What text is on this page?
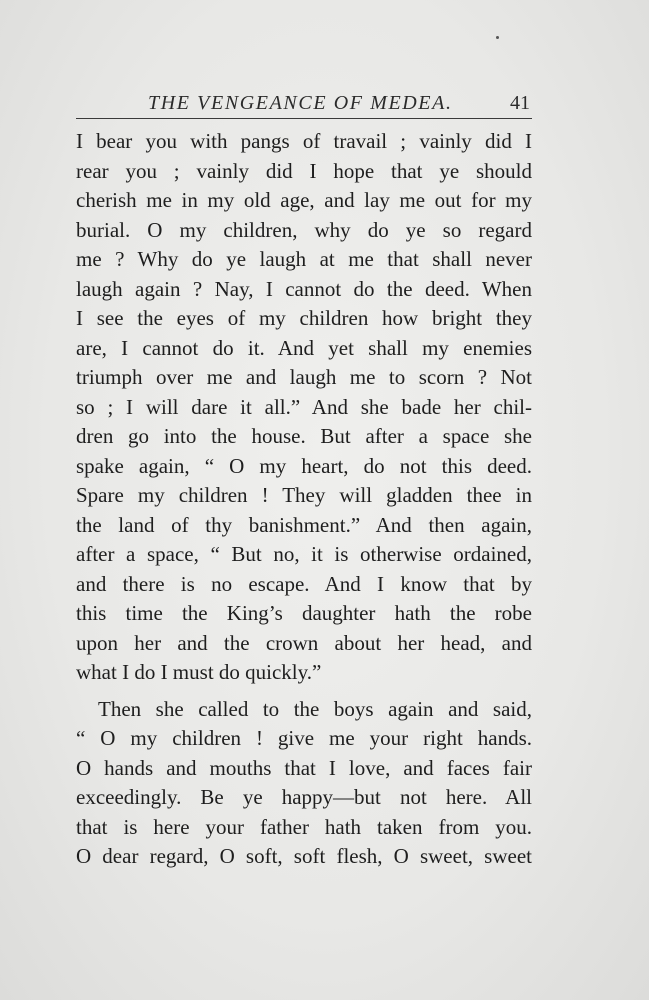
THE VENGEANCE OF MEDEA.	41
I bear you with pangs of travail ; vainly did I
rear you ; vainly did I hope that ye should
cherish me in my old age, and lay me out for my
burial. O my children, why do ye so regard
me ? Why do ye laugh at me that shall never
laugh again ? Nay, I cannot do the deed. When
I see the eyes of my children how bright they
are, I cannot do it. And yet shall my enemies
triumph over me and laugh me to scorn ? Not
so ; I will dare it all.” And she bade her chil-
dren go into the house. But after a space she
spake again, “ O my heart, do not this deed.
Spare my children ! They will gladden thee in
the land of thy banishment.” And then again,
after a space, “ But no, it is otherwise ordained,
and there is no escape. And I know that by
this time the King’s daughter hath the robe
upon her and the crown about her head, and
what I do I must do quickly.”
Then she called to the boys again and said,
“ O my children ! give me your right hands.
O hands and mouths that I love, and faces fair
exceedingly. Be ye happy—but not here. All
that is here your father hath taken from you.
O dear regard, O soft, soft flesh, O sweet, sweet
